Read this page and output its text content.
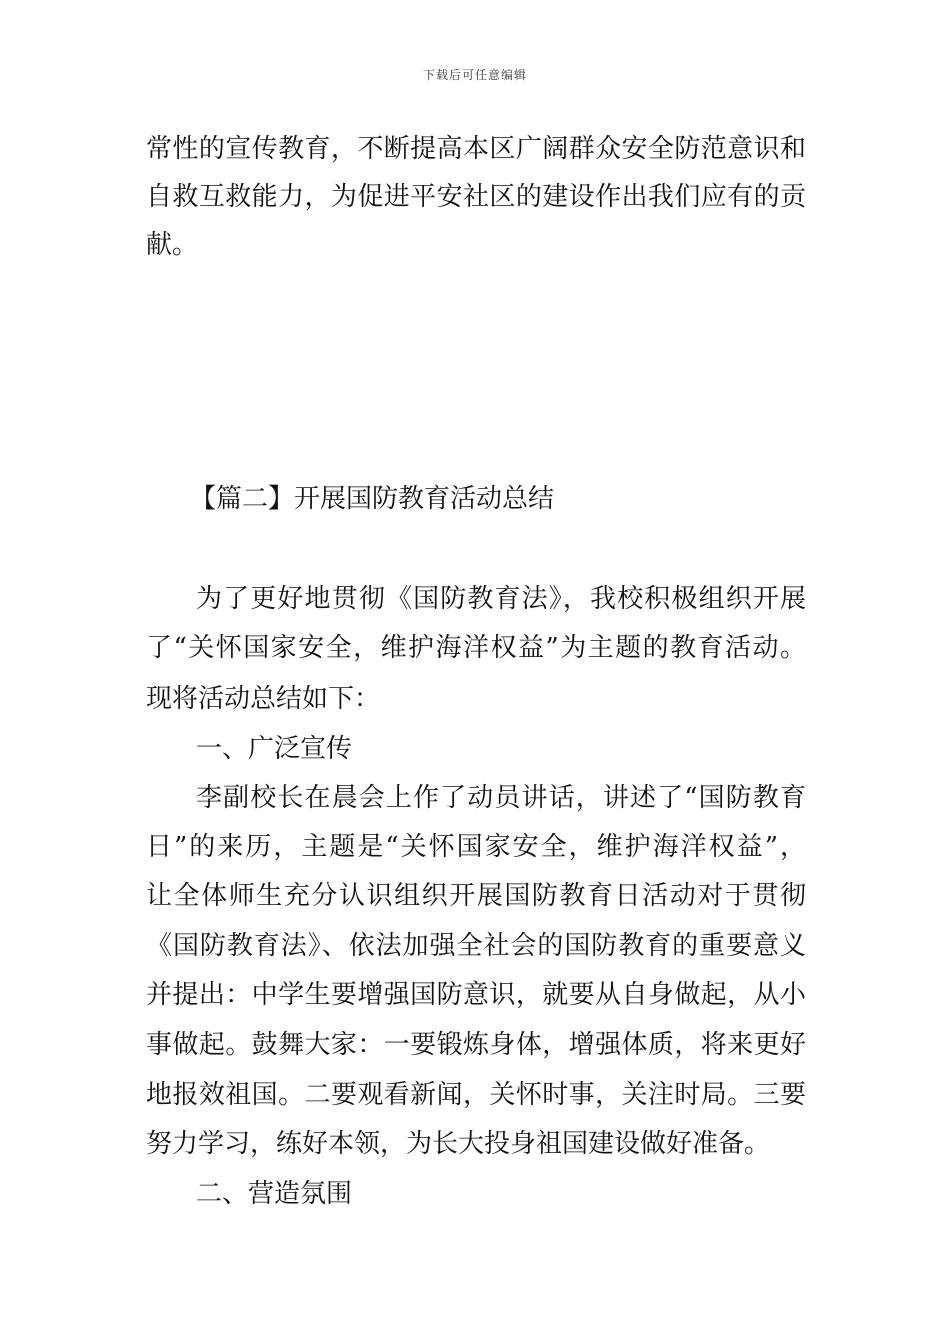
下载后可任意编辑
常性的宣传教育，不断提高本区广阔群众安全防范意识和
自救互救能力，为促进平安社区的建设作出我们应有的贡
献。
【篇二】开展国防教育活动总结
为了更好地贯彻《国防教育法》，我校积极组织开展
了“关怀国家安全，维护海洋权益”为主题的教育活动。
现将活动总结如下：
一、广泛宣传
李副校长在晨会上作了动员讲话，讲述了“国防教育
日”的来历，主题是“关怀国家安全，维护海洋权益”，
让全体师生充分认识组织开展国防教育日活动对于贯彻
《国防教育法》、依法加强全社会的国防教育的重要意义
并提出：中学生要增强国防意识，就要从自身做起，从小
事做起。鼓舞大家：一要锻炼身体，增强体质，将来更好
地报效祖国。二要观看新闻，关怀时事，关注时局。三要
努力学习，练好本领，为长大投身祖国建设做好准备。
二、营造氛围
